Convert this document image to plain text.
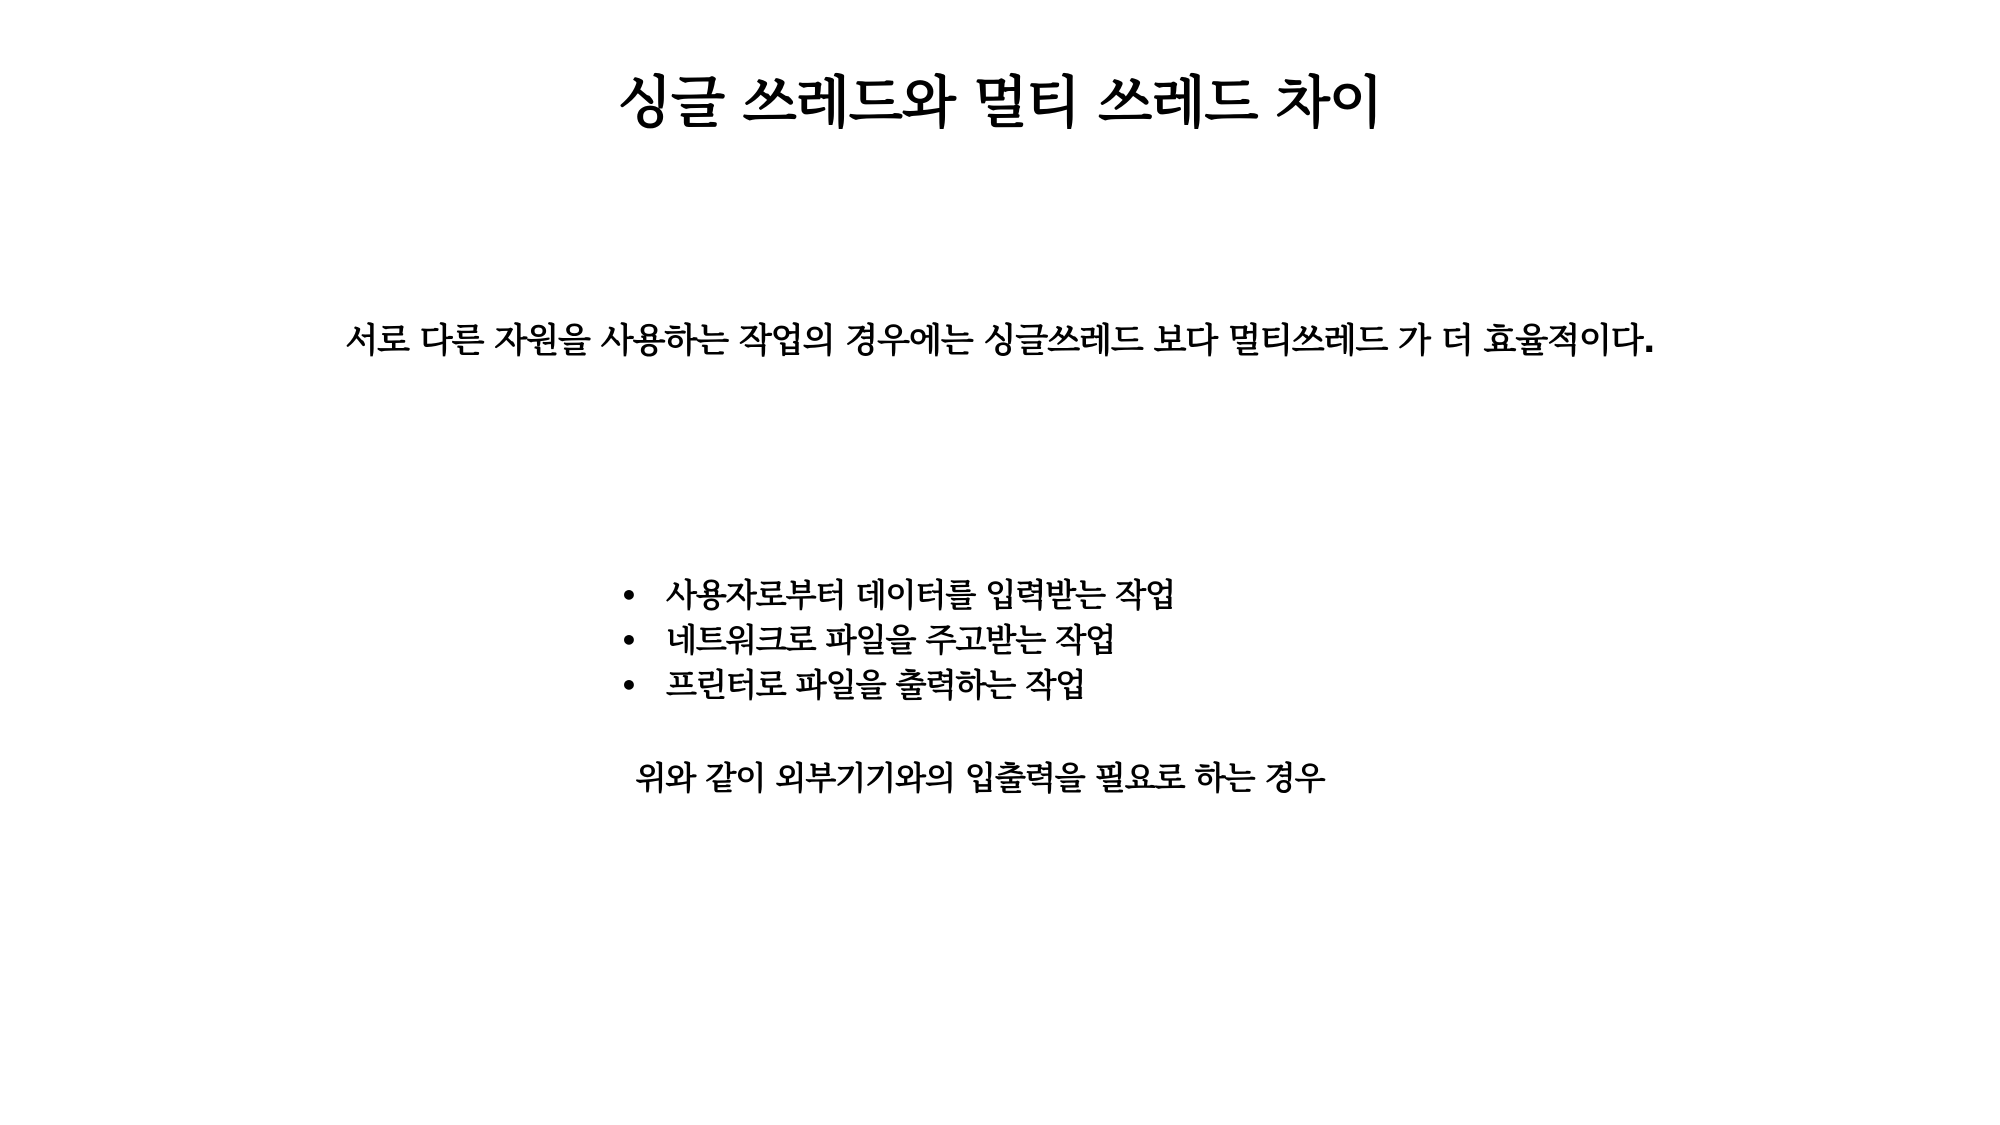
싱글 쓰레드와 멀티 쓰레드 차이

서로 다른 자원을 사용하는 작업의 경우에는 싱글쓰레드 보다 멀티쓰레드 가 더 효율적이다.

• 사용자로부터 데이터를 입력받는 작업
• 네트워크로 파일을 주고받는 작업
• 프린터로 파일을 출력하는 작업

위와 같이 외부기기와의 입출력을 필요로 하는 경우
